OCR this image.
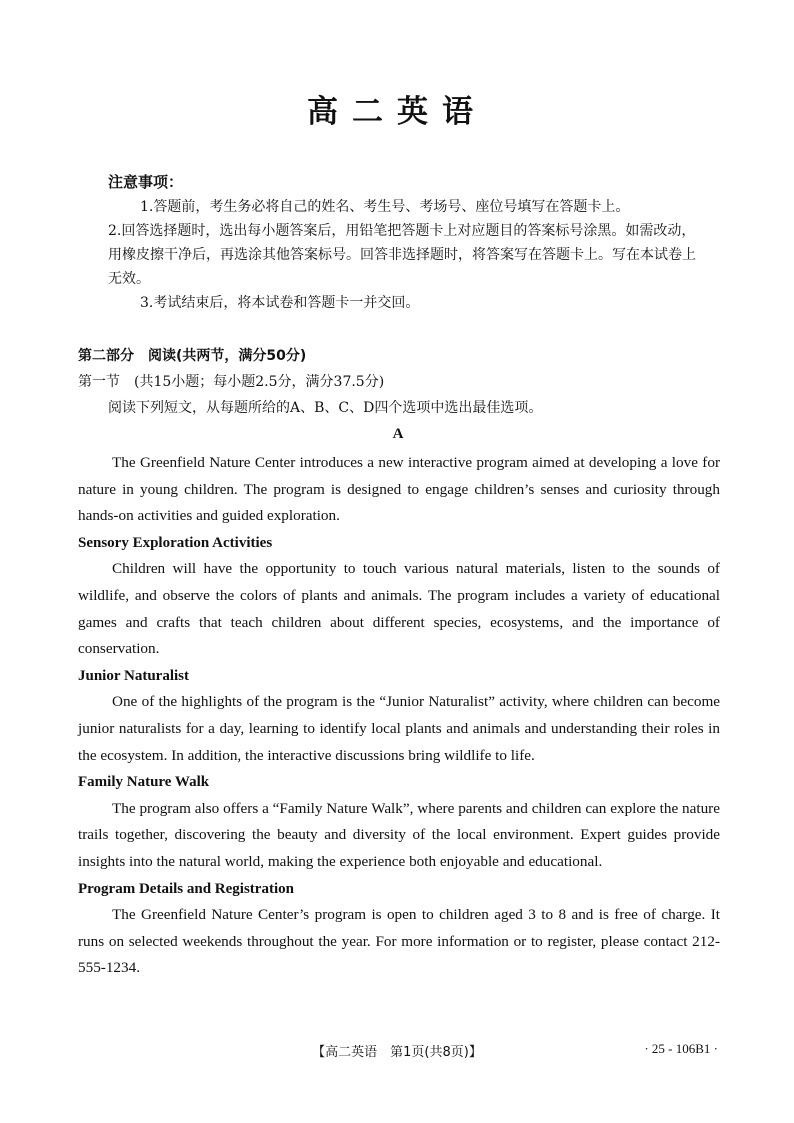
高二英语
注意事项：

1.答题前，考生务必将自己的姓名、考生号、考场号、座位号填写在答题卡上。

2.回答选择题时，选出每小题答案后，用铅笔把答题卡上对应题目的答案标号涂黑。如需改动，用橡皮擦干净后，再选涂其他答案标号。回答非选择题时，将答案写在答题卡上。写在本试卷上无效。

3.考试结束后，将本试卷和答题卡一并交回。

第二部分　阅读(共两节，满分50分)
第一节　(共15小题；每小题2.5分，满分37.5分)
阅读下列短文，从每题所给的A、B、C、D四个选项中选出最佳选项。
A

The Greenfield Nature Center introduces a new interactive program aimed at developing a love for nature in young children. The program is designed to engage children’s senses and curiosity through hands-on activities and guided exploration.

Sensory Exploration Activities

Children will have the opportunity to touch various natural materials, listen to the sounds of wildlife, and observe the colors of plants and animals. The program includes a variety of educational games and crafts that teach children about different species, ecosystems, and the importance of conservation.

Junior Naturalist

One of the highlights of the program is the “Junior Naturalist” activity, where children can become junior naturalists for a day, learning to identify local plants and animals and understanding their roles in the ecosystem. In addition, the interactive discussions bring wildlife to life.

Family Nature Walk

The program also offers a “Family Nature Walk”, where parents and children can explore the nature trails together, discovering the beauty and diversity of the local environment. Expert guides provide insights into the natural world, making the experience both enjoyable and educational.

Program Details and Registration

The Greenfield Nature Center’s program is open to children aged 3 to 8 and is free of charge. It runs on selected weekends throughout the year. For more information or to register, please contact 212-555-1234.

【高二英语　第1页(共8页)】	· 25 - 106B1 ·
